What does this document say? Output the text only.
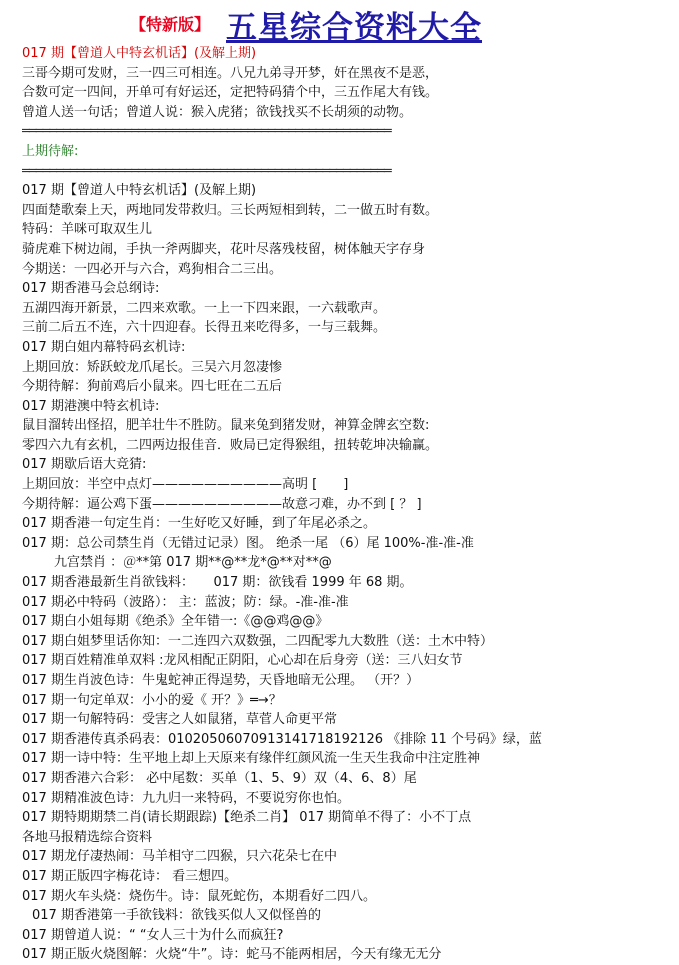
【特新版】 五星综合资料大全
017 期【曾道人中特玄机话】(及解上期)
三哥今期可发财，三一四三可相连。八兄九弟寻开梦，奸在黑夜不是恶，
合数可定一四间，开单可有好运还，定把特码猜个中，三五作尾大有钱。
曾道人送一句话；曾道人说：猴入虎猪；欲钱找买不长胡须的动物。
══════════════════════════════════════════════════════
上期待解:
══════════════════════════════════════════════════════
017 期【曾道人中特玄机话】(及解上期)
四面楚歌秦上天，两地同发带救归。三长两短相到转，二一做五时有数。
特码：羊咪可取双生儿
骑虎难下树边闹，手执一斧两脚夹，花叶尽落残枝留，树体触天字存身
今期送：一四必开与六合，鸡狗相合二三出。
017 期香港马会总纲诗:
五湖四海开新景，二四来欢歌。一上一下四来跟，一六载歌声。
三前二后五不连，六十四迎春。长得丑来吃得多，一与三载舞。
017 期白姐内幕特码玄机诗:
上期回放：矫跃蛟龙爪尾长。三吴六月忽凄惨
今期待解：狗前鸡后小鼠来。四七旺在二五后
017 期港澳中特玄机诗:
鼠目溜转出怪招，肥羊壮牛不胜防。鼠来兔到猪发财，神算金牌玄空数:
零四六九有玄机，二四两边报佳音．败局已定得猴组，扭转乾坤决输赢。
017 期歇后语大竞猜:
上期回放：半空中点灯——————————高明 [　　]
今期待解：逼公鸡下蛋——————————故意刁难，办不到 [ ？ ]
017 期香港一句定生肖：一生好吃又好睡，到了年尾必杀之。
017 期：总公司禁生肖（无错过记录）图。 绝杀一尾 （6）尾 100%-准-准-准
九宫禁肖 ：＠**第 017 期**@**龙*@**对**@
017 期香港最新生肖欲钱料：　　017 期：欲钱看 1999 年 68 期。
017 期必中特码（波路）： 主：蓝波；防：绿。-准-准-准
017 期白小姐每期《绝杀》全年错一:《@@鸡@@》
017 期白姐梦里话你知：一二连四六双数强，二四配零九大数胜（送：土木中特）
017 期百姓精准单双料 :龙风相配正阴阳，心心却在后身旁（送：三八妇女节
017 期生肖波色诗：牛鬼蛇神正得逞势，天昏地暗无公理。 （开？）
017 期一句定单双：小小的爱《 开？》═→？
017 期一句解特码：受害之人如鼠猪，草菅人命更平常
017 期香港传真杀码表：010205060709131417181921​26 《排除 11 个号码》绿，蓝
017 期一诗中特：生平地上却上天原来有缘伴红颜风流一生天生我命中注定胜神
017 期香港六合彩： 必中尾数：买单（1、5、9）双（4、6、8）尾
017 期精准波色诗：九九归一来特码，不要说穷你也怕。
017 期特期期禁二肖(请长期跟踪)【绝杀二肖】 017 期简单不得了：小不丁点
各地马报精选综合资料
017 期龙仔凄热闹：马羊相守二四猴，只六花朵七在中
017 期正版四字梅花诗： 看三想四。
017 期火车头烧：烧伤牛。诗：鼠死蛇伤，本期看好二四八。
017 期香港第一手欲钱料：欲钱买似人又似怪兽的
017 期曾道人说：“ “女人三十为什么而疯狂?
017 期正版火烧图解：火烧“牛”。诗：蛇马不能两相居，今天有缘无无分
